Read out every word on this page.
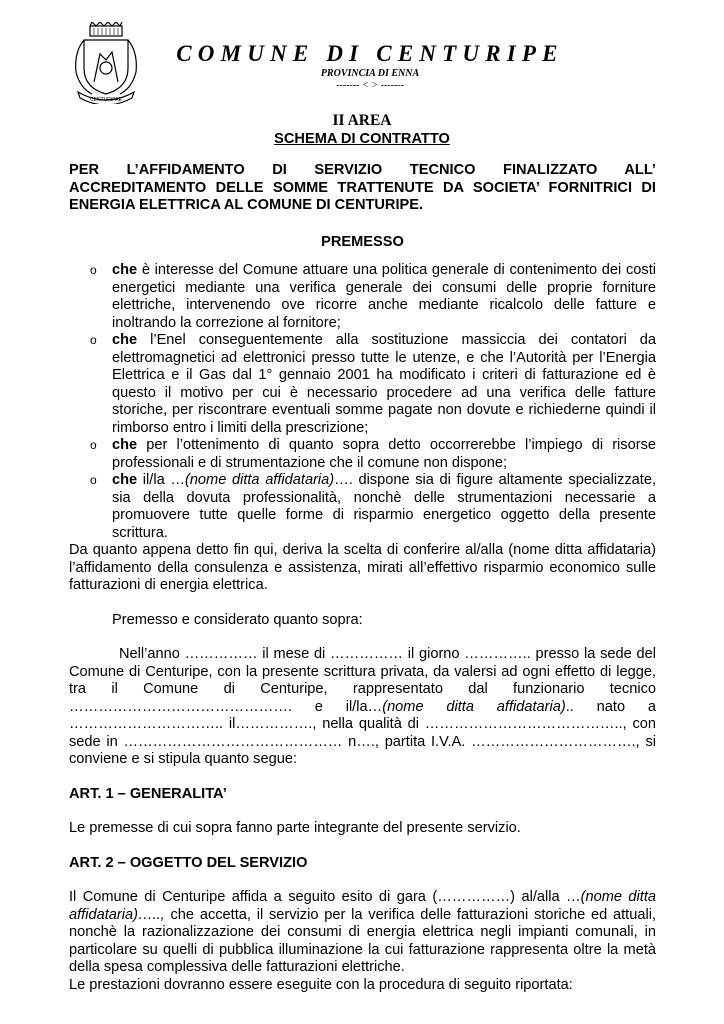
CENTURIPAE
COMUNE DI CENTURIPE
PROVINCIA DI ENNA
------- < > -------
II AREA
SCHEMA DI CONTRATTO
PER L’AFFIDAMENTO DI SERVIZIO TECNICO FINALIZZATO ALL’
ACCREDITAMENTO DELLE SOMME TRATTENUTE DA SOCIETA’ FORNITRICI DI
ENERGIA ELETTRICA AL COMUNE DI CENTURIPE.
PREMESSO
o che è interesse del Comune attuare una politica generale di contenimento dei costi energetici mediante una verifica generale dei consumi delle proprie forniture elettriche, intervenendo ove ricorre anche mediante ricalcolo delle fatture e inoltrando la correzione al fornitore;
o che l’Enel conseguentemente alla sostituzione massiccia dei contatori da elettromagnetici ad elettronici presso tutte le utenze, e che l’Autorità per l’Energia Elettrica e il Gas dal 1° gennaio 2001 ha modificato i criteri di fatturazione ed è questo il motivo per cui è necessario procedere ad una verifica delle fatture storiche, per riscontrare eventuali somme pagate non dovute e richiederne quindi il rimborso entro i limiti della prescrizione;
o che per l’ottenimento di quanto sopra detto occorrerebbe l’impiego di risorse professionali e di strumentazione che il comune non dispone;
o che il/la …(nome ditta affidataria)…. dispone sia di figure altamente specializzate, sia della dovuta professionalità, nonchè delle strumentazioni necessarie a promuovere tutte quelle forme di risparmio energetico oggetto della presente scrittura.

Da quanto appena detto fin qui, deriva la scelta di conferire al/alla (nome ditta affidataria) l’affidamento della consulenza e assistenza, mirati all’effettivo risparmio economico sulle fatturazioni di energia elettrica.

Premesso e considerato quanto sopra:

Nell’anno …………… il mese di …………… il giorno ………….. presso la sede del Comune di Centuripe, con la presente scrittura privata, da valersi ad ogni effetto di legge, tra il Comune di Centuripe, rappresentato dal funzionario tecnico ………………………………………. e il/la…(nome ditta affidataria).. nato a ………………………….. il……………., nella qualità di ………………………………….., con sede in ……………………………………… n…., partita I.V.A. ……………………………., si conviene e si stipula quanto segue:

ART. 1 – GENERALITA’

Le premesse di cui sopra fanno parte integrante del presente servizio.

ART. 2 – OGGETTO DEL SERVIZIO

Il Comune di Centuripe affida a seguito esito di gara (……………) al/alla …(nome ditta affidataria)….., che accetta, il servizio per la verifica delle fatturazioni storiche ed attuali, nonchè la razionalizzazione dei consumi di energia elettrica negli impianti comunali, in particolare su quelli di pubblica illuminazione la cui fatturazione rappresenta oltre la metà della spesa complessiva delle fatturazioni elettriche.

Le prestazioni dovranno essere eseguite con la procedura di seguito riportata:
